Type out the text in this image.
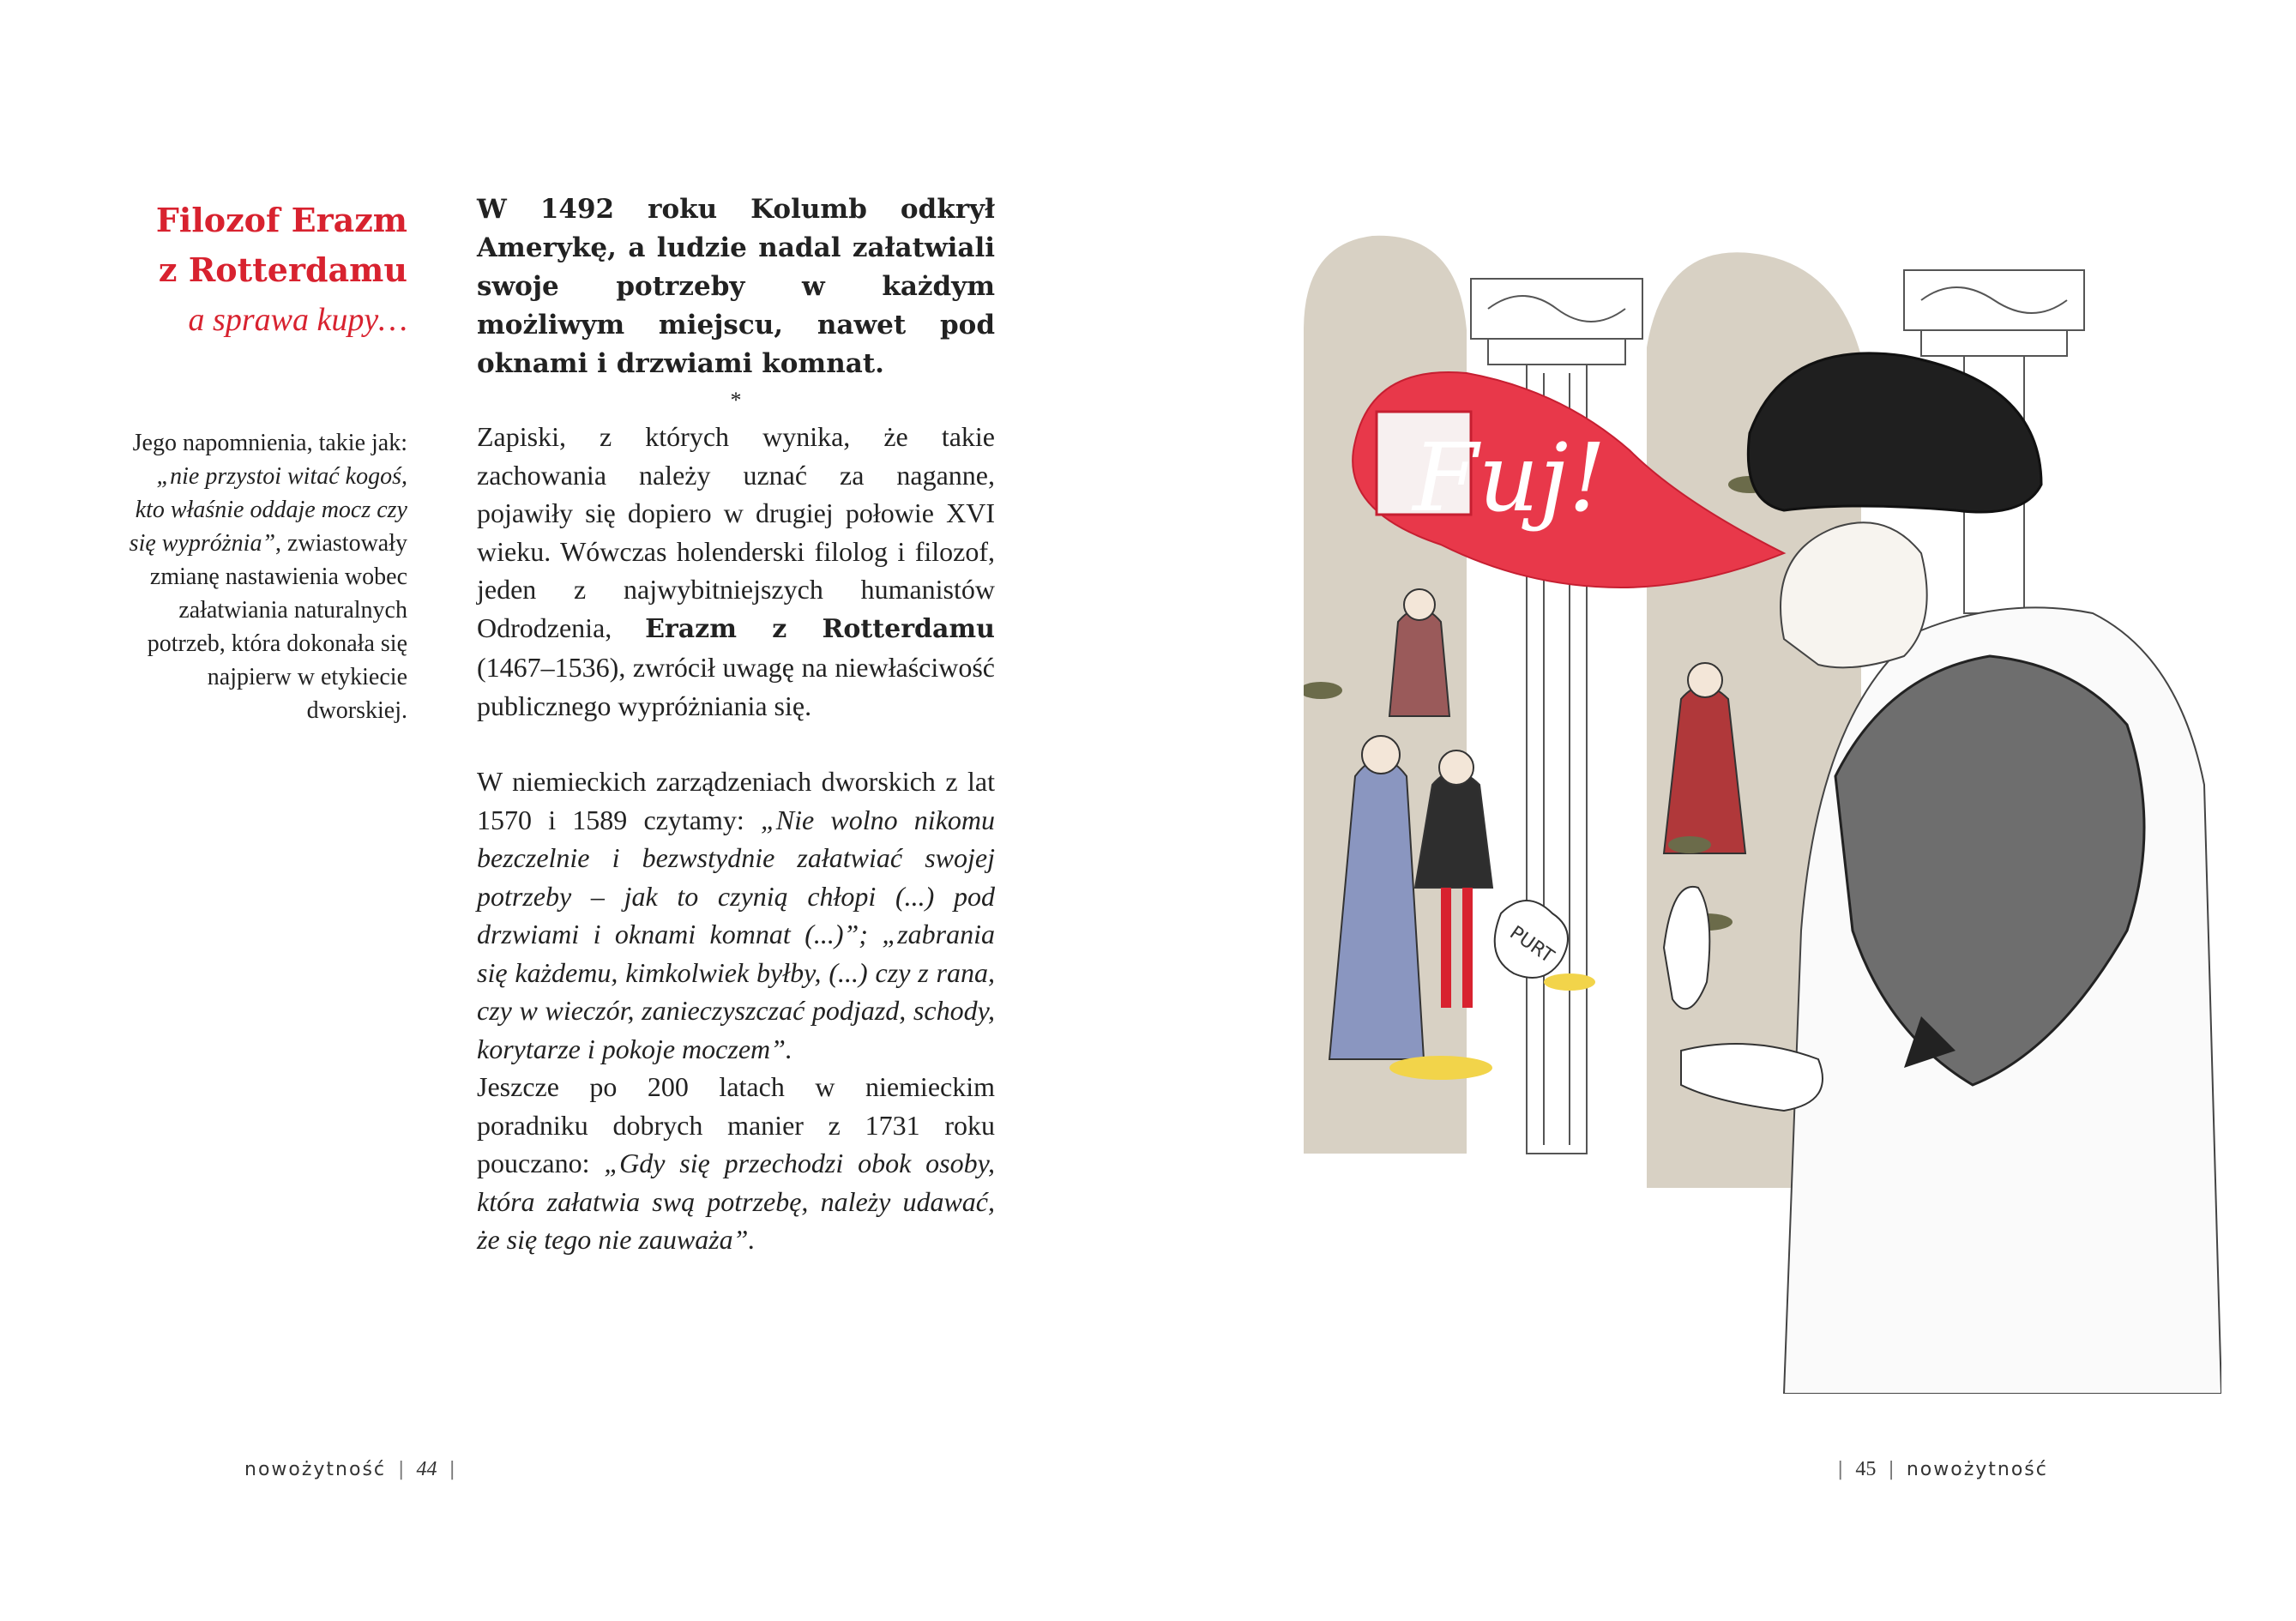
Filozof Erazm
z Rotterdamu
a sprawa kupy…

Jego napomnienia, takie jak: „nie przystoi witać kogoś, kto właśnie oddaje mocz czy się wypróżnia”, zwiastowały zmianę nastawienia wobec załatwiania naturalnych potrzeb, która dokonała się najpierw w etykiecie dworskiej.

W 1492 roku Kolumb odkrył Amerykę, a ludzie nadal załatwiali swoje potrzeby w każdym możliwym miejscu, nawet pod oknami i drzwiami komnat.

*

Zapiski, z których wynika, że takie zachowania należy uznać za naganne, pojawiły się dopiero w drugiej połowie XVI wieku. Wówczas holenderski filolog i filozof, jeden z najwybitniejszych humanistów Odrodzenia, Erazm z Rotterdamu (1467–1536), zwrócił uwagę na niewłaściwość publicznego wypróżniania się.

W niemieckich zarządzeniach dworskich z lat 1570 i 1589 czytamy: „Nie wolno nikomu bezczelnie i bezwstydnie załatwiać swojej potrzeby – jak to czynią chłopi (...) pod drzwiami i oknami komnat (...)”; „zabrania się każdemu, kimkolwiek byłby, (...) czy z rana, czy w wieczór, zanieczyszczać podjazd, schody, korytarze i pokoje moczem”.

Jeszcze po 200 latach w niemieckim poradniku dobrych manier z 1731 roku pouczano: „Gdy się przechodzi obok osoby, która załatwia swą potrzebę, należy udawać, że się tego nie zauważa”.

nowożytność | 44 |	| 45 | nowożytność
PURT
Fuj!
